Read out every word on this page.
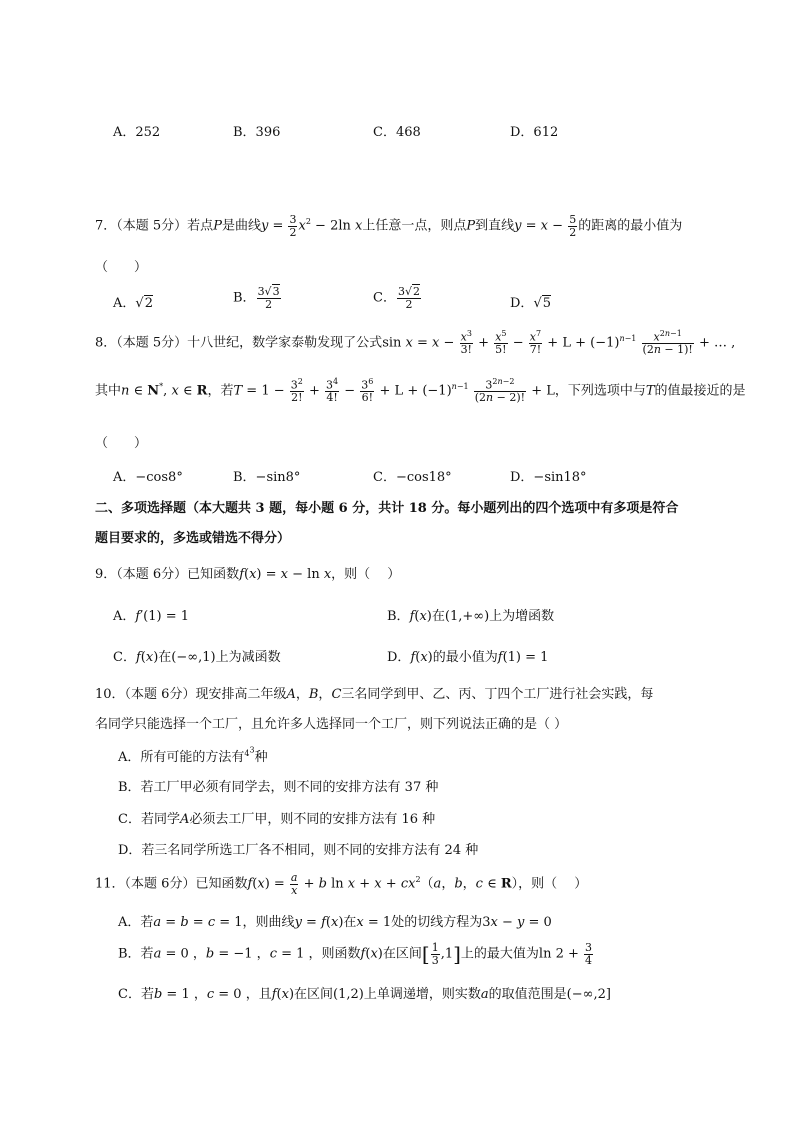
A．252	B．396	C．468	D．612
7．（本题 5分）若点P是曲线$y = \frac{3}{2} x^2 - 2\ln$ x上任意一点，则点P到直线$y = x - \frac{5}{2}$ 的距离的最小值为
（　　）
A．√2	B． $\frac{3√3}{2}$	C． $\frac{3√2}{2}$	D．√5
8．（本题 5分）十八世纪，数学家泰勒发现了公式$\sin x = x - \frac{x^3}{3!} + \frac{x^5}{5!} - \frac{x^7}{7!} + L + (-1)^{n-1} \frac{x^{2n-1}}{(2n - 1)!}$ + … ,
其中n ∈ N*, x ∈ R，若$T = 1 - \frac{3^2}{2!} + \frac{3^4}{4!} - \frac{3^6}{6!} + L + (-1)^{n-1} \frac{3^{2n-2}}{(2n - 2)!} + L$，下列选项中与T的值最接近的是
（　　）
A．−cos8°	B．−sin8°	C．−cos18°	D．−sin18°
二、多项选择题（本大题共 3 题，每小题 6 分，共计 18 分。每小题列出的四个选项中有多项是符合
题目要求的，多选或错选不得分）
9．（本题 6分）已知函数f(x) = x − ln x，则（　 ）
A．f′(1) = 1	B．f(x)在(1,+∞)上为增函数
C．f(x)在(−∞,1)上为减函数	D．f(x)的最小值为f(1) = 1
10．（本题 6分）现安排高二年级A，B，C三名同学到甲、乙、丙、丁四个工厂进行社会实践，每
名同学只能选择一个工厂，且允许多人选择同一个工厂，则下列说法正确的是（ ）
A．所有可能的方法有$^{4^3}$种
B．若工厂甲必须有同学去，则不同的安排方法有 37 种
C．若同学A必须去工厂甲，则不同的安排方法有 16 种
D．若三名同学所选工厂各不相同，则不同的安排方法有 24 种
11．（本题 6分）已知函数$f(x) = \frac{a}{x} + b$ $\ln x + x + cx^2(a$，b，c ∈ R），则（　 ）
A．若a = b = c = 1，则曲线y = f(x)在x = 1处的切线方程为3x − y = 0
B．若a = 0 ，b = −1 ，c = 1 ，则函数f(x)在区间[ $\frac{1}{3} ,1$]上的最大值为$\ln 2 + \frac{3}{4}$
C．若b = 1 ，c = 0 ，且f(x)在区间(1,2)上单调递增，则实数a的取值范围是(−∞,2]
